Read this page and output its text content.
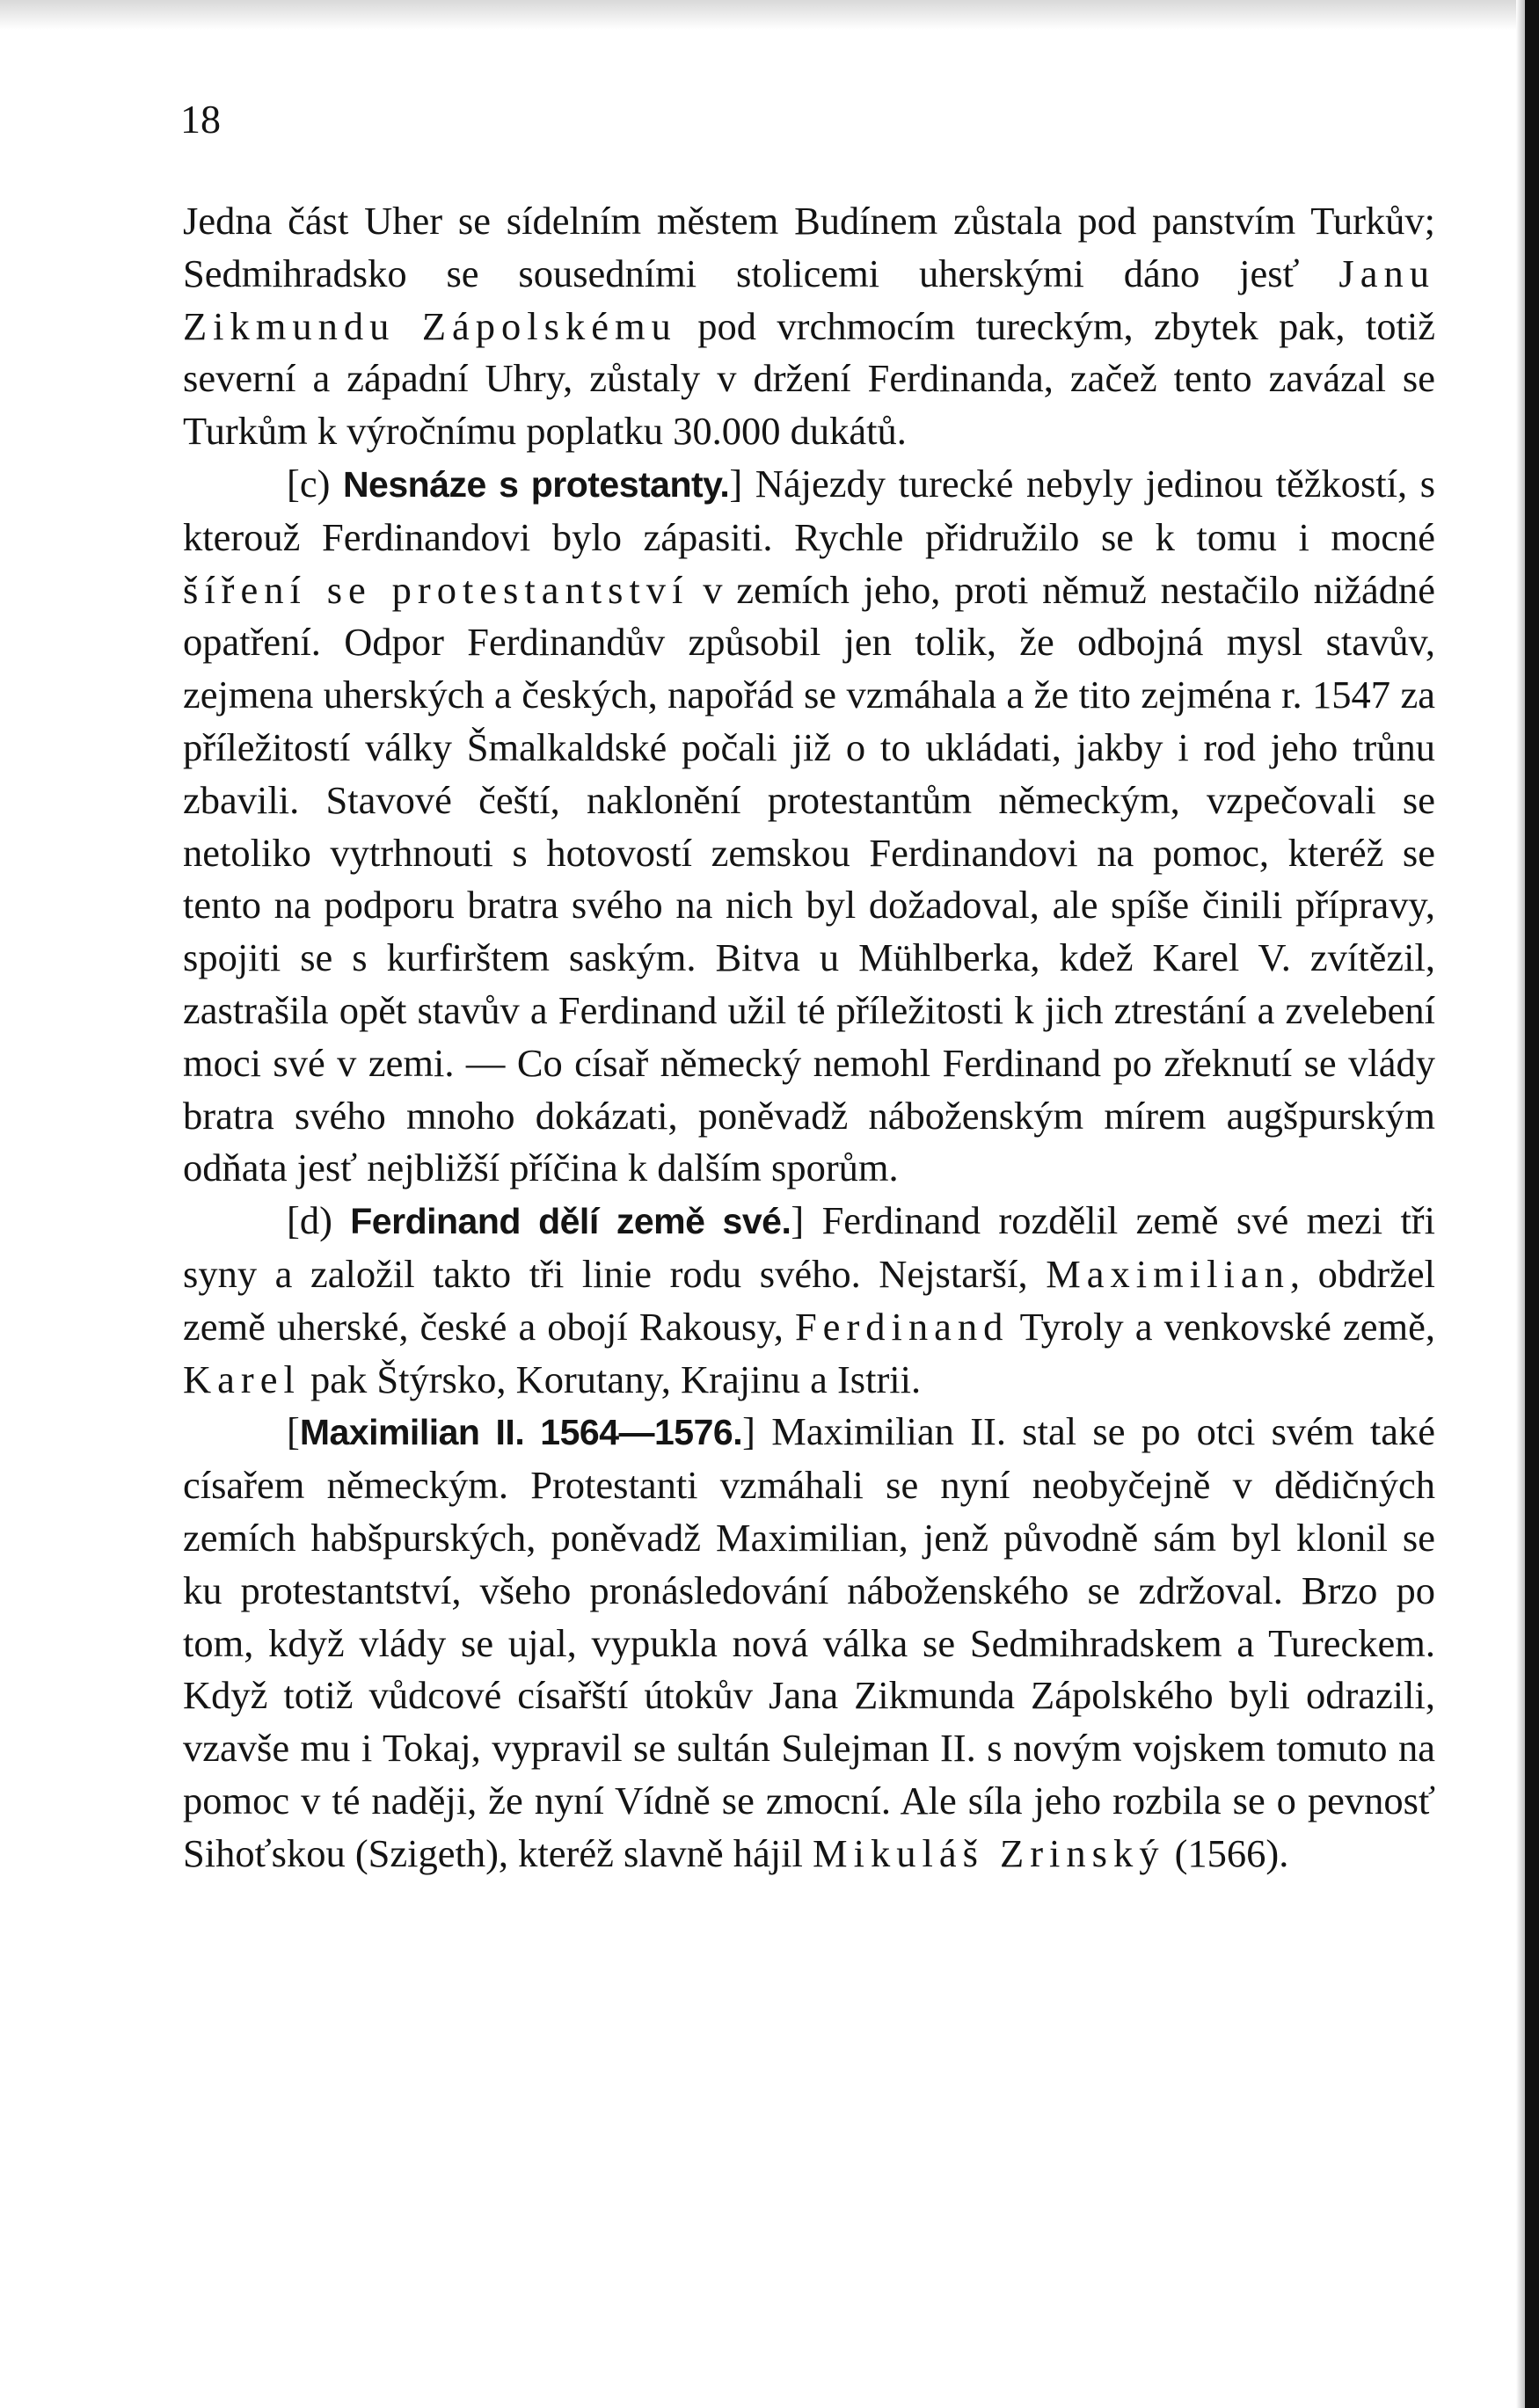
18

Jedna část Uher se sídelním městem Budínem zůstala pod panstvím Turkův; Sedmihradsko se sousedními stolicemi uherskými dáno jesť Janu Zikmundu Zápolskému pod vrchmocím tureckým, zbytek pak, totiž severní a západní Uhry, zůstaly v držení Ferdinanda, začež tento zavázal se Turkům k výročnímu poplatku 30.000 dukátů.

[c) Nesnáze s protestanty.] Nájezdy turecké nebyly jedinou těžkostí, s kterouž Ferdinandovi bylo zápasiti. Rychle přidružilo se k tomu i mocné šíření se protestantství v zemích jeho, proti němuž nestačilo nižádné opatření. Odpor Ferdinandův způsobil jen tolik, že odbojná mysl stavův, zejmena uherských a českých, napořád se vzmáhala a že tito zejména r. 1547 za příležitostí války Šmalkaldské počali již o to ukládati, jakby i rod jeho trůnu zbavili. Stavové čeští, naklonění protestantům německým, vzpečovali se netoliko vytrhnouti s hotovostí zemskou Ferdinandovi na pomoc, kteréž se tento na podporu bratra svého na nich byl dožadoval, ale spíše činili přípravy, spojiti se s kurfirštem saským. Bitva u Mühlberka, kdež Karel V. zvítězil, zastrašila opět stavův a Ferdinand užil té příležitosti k jich ztrestání a zvelebení moci své v zemi. — Co císař německý nemohl Ferdinand po zřeknutí se vlády bratra svého mnoho dokázati, poněvadž náboženským mírem augšpurským odňata jesť nejbližší příčina k dalším sporům.

[d) Ferdinand dělí země své.] Ferdinand rozdělil země své mezi tři syny a založil takto tři linie rodu svého. Nejstarší, Maximilian, obdržel země uherské, české a obojí Rakousy, Ferdinand Tyroly a venkovské země, Karel pak Štýrsko, Korutany, Krajinu a Istrii.

[Maximilian II. 1564—1576.] Maximilian II. stal se po otci svém také císařem německým. Protestanti vzmáhali se nyní neobyčejně v dědičných zemích habšpurských, poněvadž Maximilian, jenž původně sám byl klonil se ku protestantství, všeho pronásledování náboženského se zdržoval. Brzo po tom, když vlády se ujal, vypukla nová válka se Sedmihradskem a Tureckem. Když totiž vůdcové císařští útokův Jana Zikmunda Zápolského byli odrazili, vzavše mu i Tokaj, vypravil se sultán Sulejman II. s novým vojskem tomuto na pomoc v té naději, že nyní Vídně se zmocní. Ale síla jeho rozbila se o pevnosť Sihoťskou (Szigeth), kteréž slavně hájil Mikuláš Zrinský (1566).
